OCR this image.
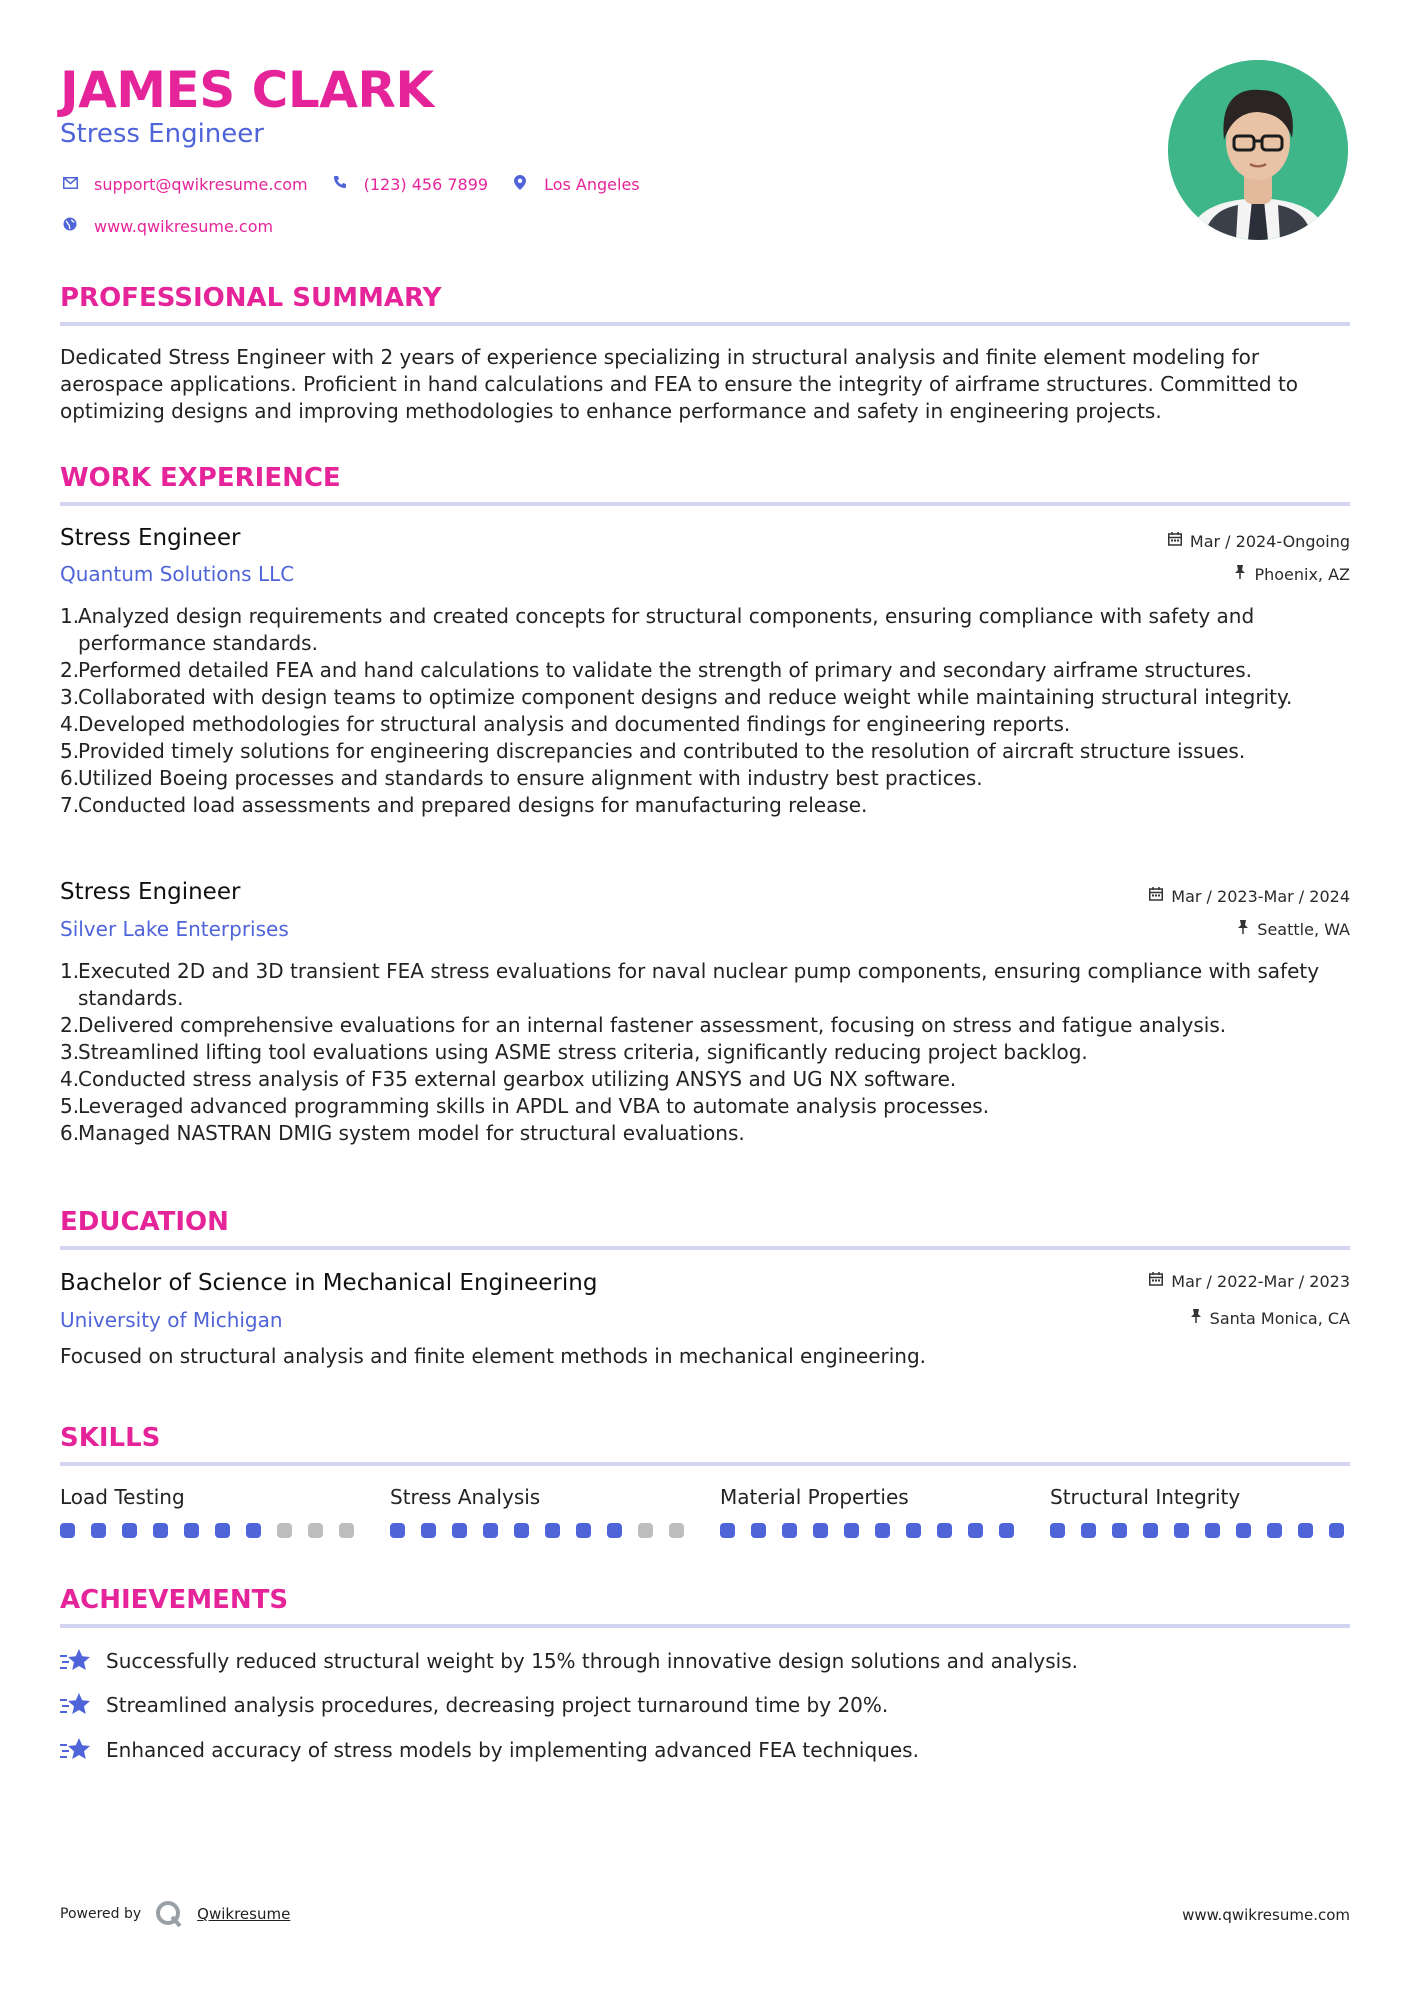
JAMES CLARK
Stress Engineer
support@qwikresume.com	(123) 456 7899	Los Angeles
www.qwikresume.com
PROFESSIONAL SUMMARY
Dedicated Stress Engineer with 2 years of experience specializing in structural analysis and finite element modeling for aerospace applications. Proficient in hand calculations and FEA to ensure the integrity of airframe structures. Committed to optimizing designs and improving methodologies to enhance performance and safety in engineering projects.
WORK EXPERIENCE
Stress Engineer
Quantum Solutions LLC
Mar / 2024-Ongoing
Phoenix, AZ
1.
Analyzed design requirements and created concepts for structural components, ensuring compliance with safety and performance standards.
2.
Performed detailed FEA and hand calculations to validate the strength of primary and secondary airframe structures.
3.
Collaborated with design teams to optimize component designs and reduce weight while maintaining structural integrity.
4.
Developed methodologies for structural analysis and documented findings for engineering reports.
5.
Provided timely solutions for engineering discrepancies and contributed to the resolution of aircraft structure issues.
6.
Utilized Boeing processes and standards to ensure alignment with industry best practices.
7.
Conducted load assessments and prepared designs for manufacturing release.
Stress Engineer
Silver Lake Enterprises
Mar / 2023-Mar / 2024
Seattle, WA
1.
Executed 2D and 3D transient FEA stress evaluations for naval nuclear pump components, ensuring compliance with safety standards.
2.
Delivered comprehensive evaluations for an internal fastener assessment, focusing on stress and fatigue analysis.
3.
Streamlined lifting tool evaluations using ASME stress criteria, significantly reducing project backlog.
4.
Conducted stress analysis of F35 external gearbox utilizing ANSYS and UG NX software.
5.
Leveraged advanced programming skills in APDL and VBA to automate analysis processes.
6.
Managed NASTRAN DMIG system model for structural evaluations.
EDUCATION
Bachelor of Science in Mechanical Engineering
University of Michigan
Mar / 2022-Mar / 2023
Santa Monica, CA
Focused on structural analysis and finite element methods in mechanical engineering.
SKILLS
Load Testing	Stress Analysis	Material Properties	Structural Integrity
ACHIEVEMENTS
Successfully reduced structural weight by 15% through innovative design solutions and analysis.
Streamlined analysis procedures, decreasing project turnaround time by 20%.
Enhanced accuracy of stress models by implementing advanced FEA techniques.
Powered by	Qwikresume	www.qwikresume.com
